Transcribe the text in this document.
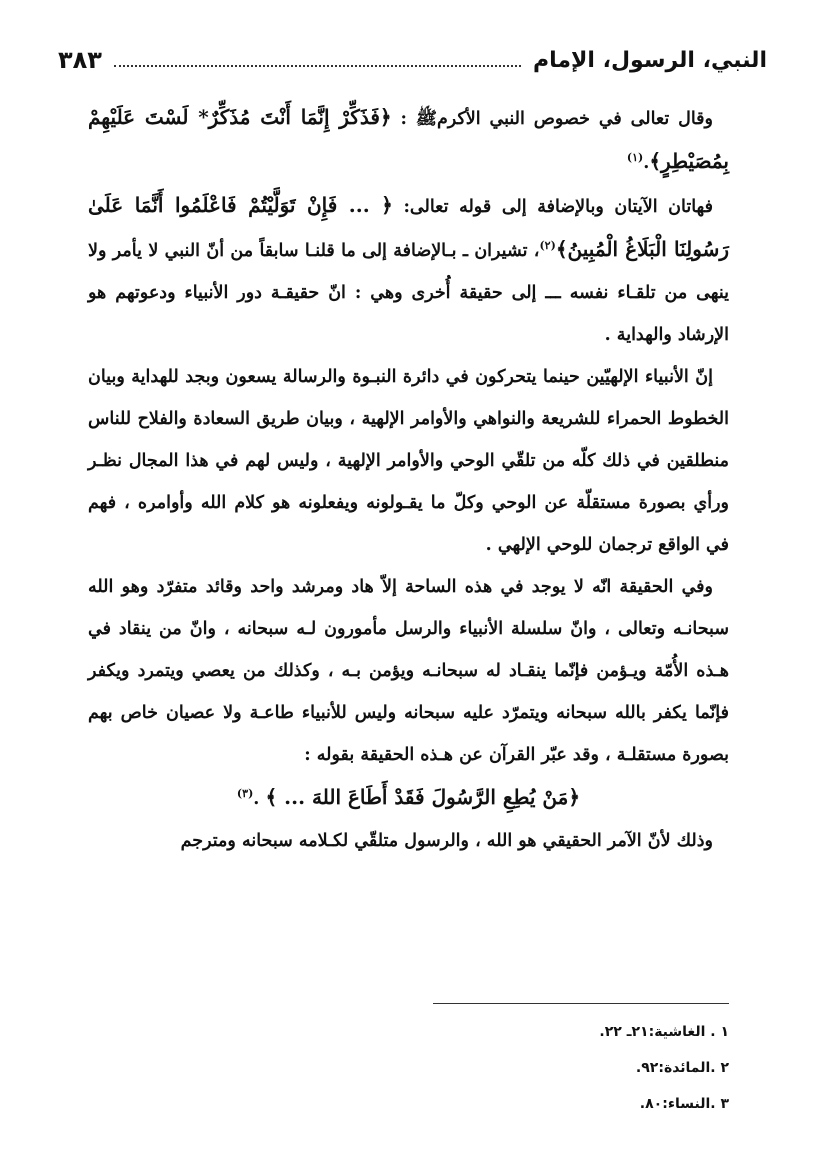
النبي، الرسول، الإمام
٣٨٣

وقال تعالى في خصوص النبي الأكرمﷺ : ﴿فَذَكِّرْ إِنَّمَا أَنْتَ مُذَكِّرٌ* لَسْتَ عَلَيْهِمْ بِمُصَيْطِرٍ﴾.$^{(١)}$

فهاتان الآيتان وبالإضافة إلى قوله تعالى: ﴿ ... فَإِنْ تَوَلَّيْتُمْ فَاعْلَمُوا أَنَّمَا عَلَىٰ رَسُولِنَا الْبَلَاغُ الْمُبِينُ﴾$^{(٢)}$، تشيران ـ بـالإضافة إلى ما قلنـا سابقاً من أنّ النبي لا يأمر ولا ينهى من تلقـاء نفسه ـــ إلى حقيقة أُخرى وهي : انّ حقيقـة دور الأنبياء ودعوتهم هو الإرشاد والهداية .

إنّ الأنبياء الإلهيّين حينما يتحركون في دائرة النبـوة والرسالة يسعون وبجد للهداية وبيان الخطوط الحمراء للشريعة والنواهي والأوامر الإلهية ، وبيان طريق السعادة والفلاح للناس منطلقين في ذلك كلّه من تلقّي الوحي والأوامر الإلهية ، وليس لهم في هذا المجال نظـر ورأي بصورة مستقلّة عن الوحي وكلّ ما يقـولونه ويفعلونه هو كلام الله وأوامره ، فهم في الواقع ترجمان للوحي الإلهي .

وفي الحقيقة انّه لا يوجد في هذه الساحة إلاّ هاد ومرشد واحد وقائد متفرّد وهو الله سبحانـه وتعالى ، وانّ سلسلة الأنبياء والرسل مأمورون لـه سبحانه ، وانّ من ينقاد في هـذه الأُمّة ويـؤمن فإنّما ينقـاد له سبحانـه ويؤمن بـه ، وكذلك من يعصي ويتمرد ويكفر فإنّما يكفر بالله سبحانه ويتمرّد عليه سبحانه وليس للأنبياء طاعـة ولا عصيان خاص بهم بصورة مستقلـة ، وقد عبّر القرآن عن هـذه الحقيقة بقوله :

﴿مَنْ يُطِعِ الرَّسُولَ فَقَدْ أَطَاعَ اللهَ ... ﴾ .$^{(٣)}$

وذلك لأنّ الآمر الحقيقي هو الله ، والرسول متلقّي لكـلامه سبحانه ومترجم

١ . الغاشية:٢١ـ ٢٢.
٢ .المائدة:٩٢.
٣ .النساء:٨٠.
